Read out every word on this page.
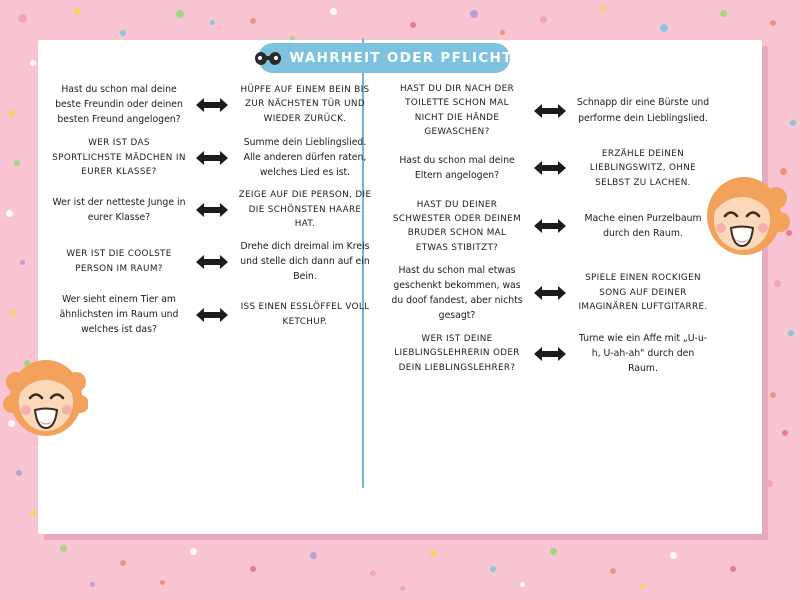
WAHRHEIT ODER PFLICHT
Hast du schon mal deine beste Freundin oder deinen besten Freund angelogen?
HÜPFE AUF EINEM BEIN BIS ZUR NÄCHSTEN TÜR UND WIEDER ZURÜCK.
WER IST DAS SPORTLICHSTE MÄDCHEN IN EURER KLASSE?
Summe dein Lieblingslied. Alle anderen dürfen raten, welches Lied es ist.
Wer ist der netteste Junge in eurer Klasse?
ZEIGE AUF DIE PERSON, DIE DIE SCHÖNSTEN HAARE HAT.
WER IST DIE COOLSTE PERSON IM RAUM?
Drehe dich dreimal im Kreis und stelle dich dann auf ein Bein.
Wer sieht einem Tier am ähnlichsten im Raum und welches ist das?
ISS EINEN ESSLÖFFEL VOLL KETCHUP.
HAST DU DIR NACH DER TOILETTE SCHON MAL NICHT DIE HÄNDE GEWASCHEN?
Schnapp dir eine Bürste und performe dein Lieblingslied.
Hast du schon mal deine Eltern angelogen?
ERZÄHLE DEINEN LIEBLINGSWITZ, OHNE SELBST ZU LACHEN.
HAST DU DEINER SCHWESTER ODER DEINEM BRUDER SCHON MAL ETWAS STIBITZT?
Mache einen Purzelbaum durch den Raum.
Hast du schon mal etwas geschenkt bekommen, was du doof fandest, aber nichts gesagt?
SPIELE EINEN ROCKIGEN SONG AUF DEINER IMAGINÄREN LUFTGITARRE.
WER IST DEINE LIEBLINGSLEHRERIN ODER DEIN LIEBLINGSLEHRER?
Turne wie ein Affe mit „U-u-h, U-ah-ah" durch den Raum.
